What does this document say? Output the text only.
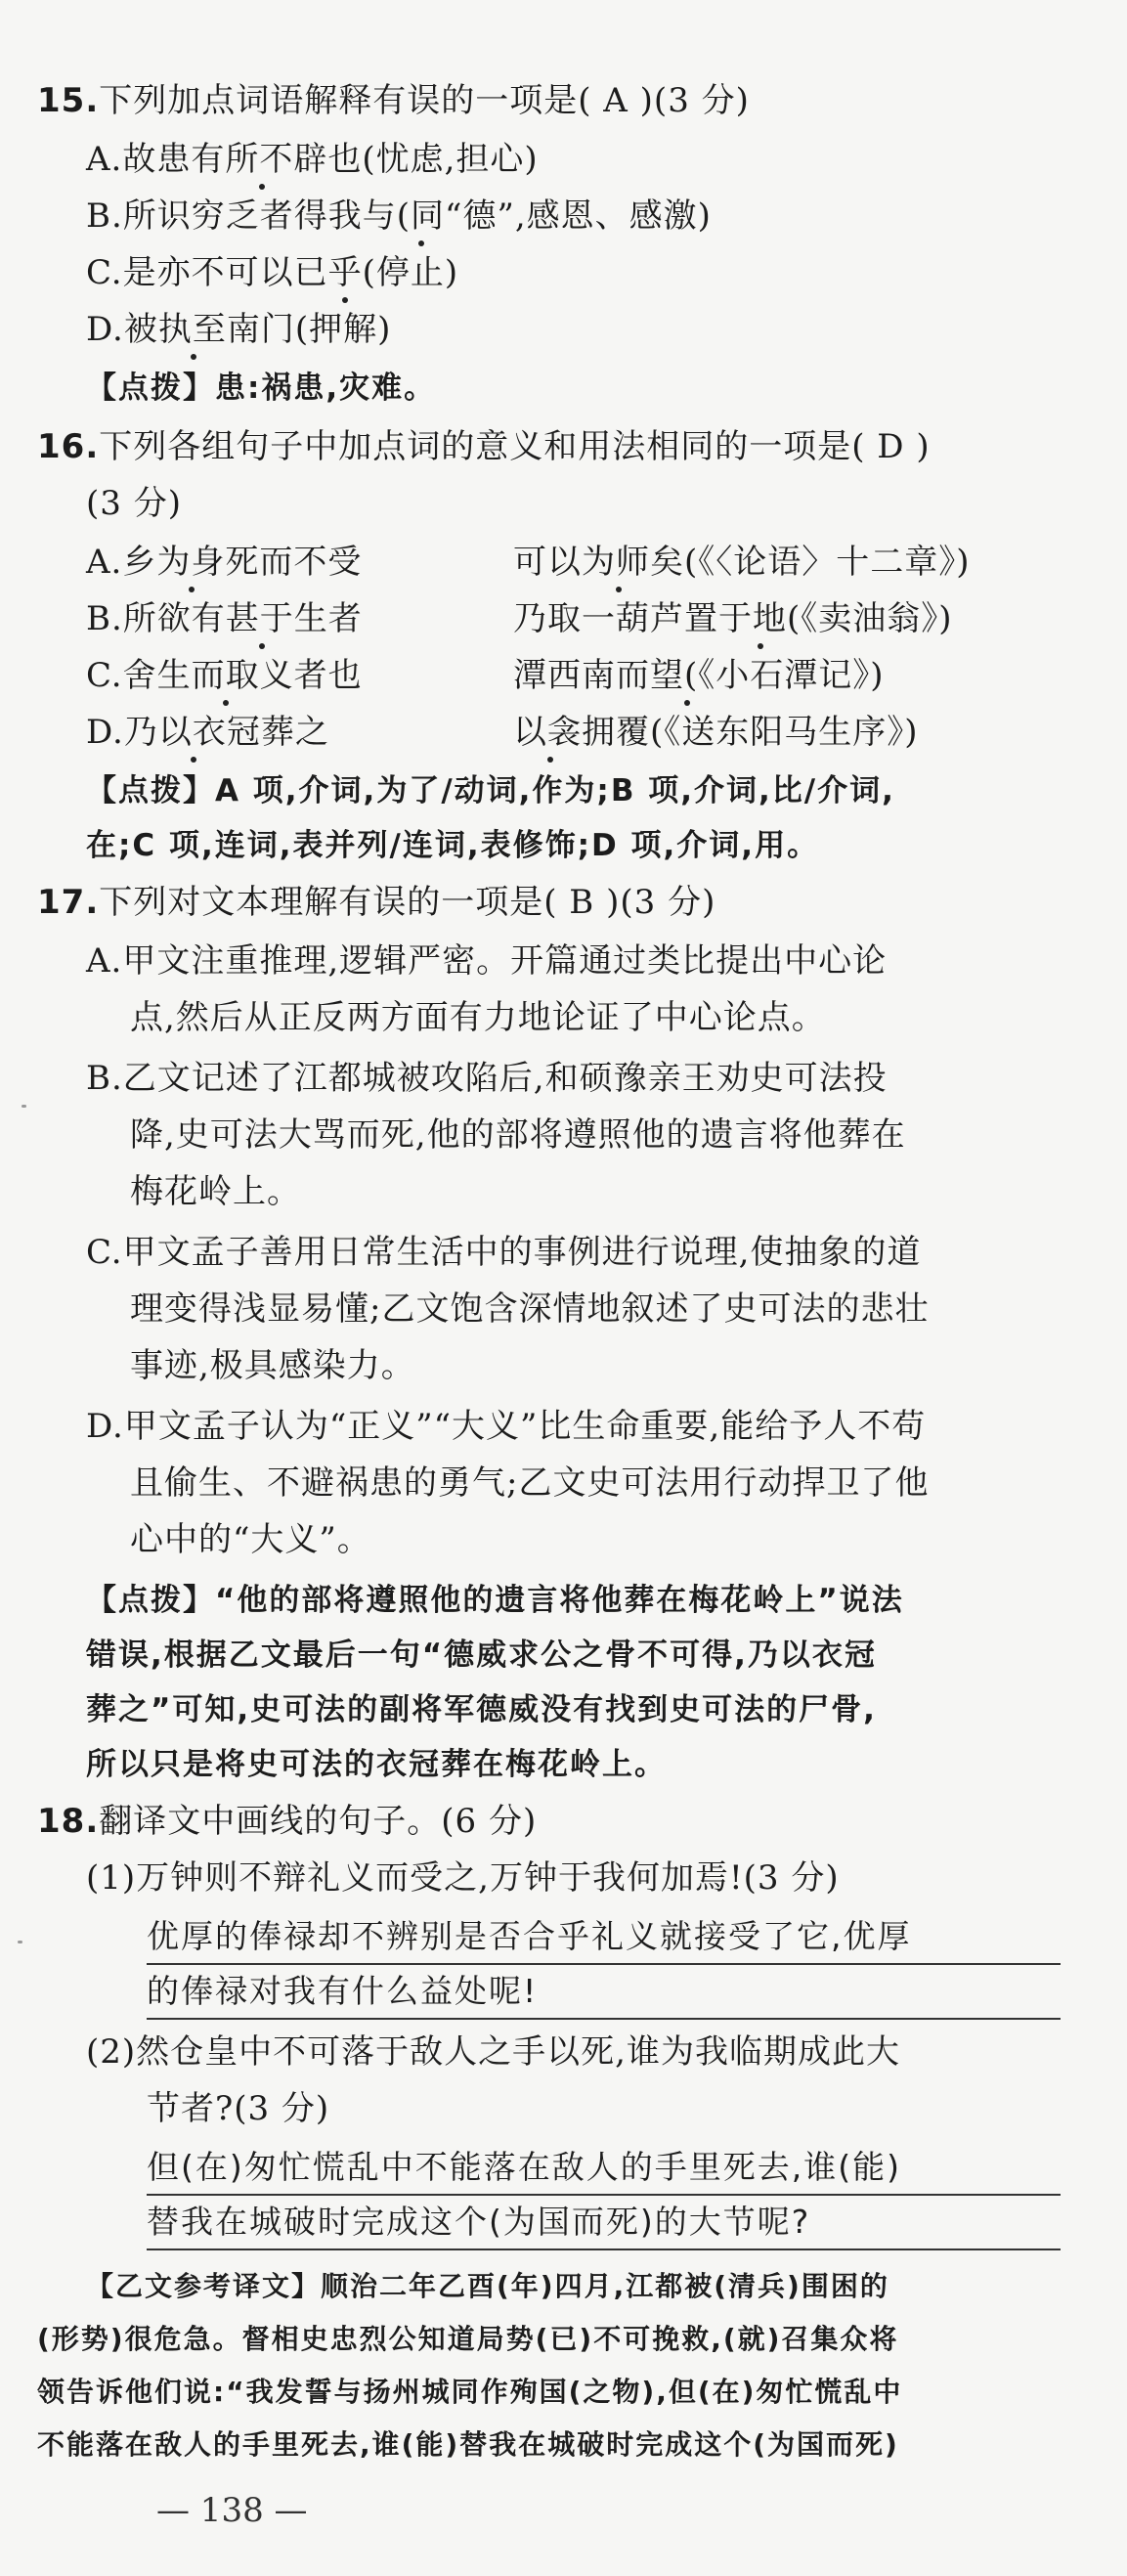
15.下列加点词语解释有误的一项是( A )(3 分)
A.故患有所不辟也(忧虑,担心)
B.所识穷乏者得我与(同“德”,感恩、感激)
C.是亦不可以已乎(停止)
D.被执至南门(押解)
【点拨】患:祸患,灾难。
16.下列各组句子中加点词的意义和用法相同的一项是( D )
(3 分)
A.乡为身死而不受	可以为师矣(《〈论语〉十二章》)
B.所欲有甚于生者	乃取一葫芦置于地(《卖油翁》)
C.舍生而取义者也	潭西南而望(《小石潭记》)
D.乃以衣冠葬之	以衾拥覆(《送东阳马生序》)
【点拨】A 项,介词,为了/动词,作为;B 项,介词,比/介词,
在;C 项,连词,表并列/连词,表修饰;D 项,介词,用。
17.下列对文本理解有误的一项是( B )(3 分)
A.甲文注重推理,逻辑严密。开篇通过类比提出中心论
点,然后从正反两方面有力地论证了中心论点。
B.乙文记述了江都城被攻陷后,和硕豫亲王劝史可法投
降,史可法大骂而死,他的部将遵照他的遗言将他葬在
梅花岭上。
C.甲文孟子善用日常生活中的事例进行说理,使抽象的道
理变得浅显易懂;乙文饱含深情地叙述了史可法的悲壮
事迹,极具感染力。
D.甲文孟子认为“正义”“大义”比生命重要,能给予人不苟
且偷生、不避祸患的勇气;乙文史可法用行动捍卫了他
心中的“大义”。
【点拨】“他的部将遵照他的遗言将他葬在梅花岭上”说法
错误,根据乙文最后一句“德威求公之骨不可得,乃以衣冠
葬之”可知,史可法的副将军德威没有找到史可法的尸骨,
所以只是将史可法的衣冠葬在梅花岭上。
18.翻译文中画线的句子。(6 分)
(1)万钟则不辩礼义而受之,万钟于我何加焉!(3 分)
优厚的俸禄却不辨别是否合乎礼义就接受了它,优厚
的俸禄对我有什么益处呢!
(2)然仓皇中不可落于敌人之手以死,谁为我临期成此大
节者?(3 分)
但(在)匆忙慌乱中不能落在敌人的手里死去,谁(能)
替我在城破时完成这个(为国而死)的大节呢?
【乙文参考译文】顺治二年乙酉(年)四月,江都被(清兵)围困的
(形势)很危急。督相史忠烈公知道局势(已)不可挽救,(就)召集众将
领告诉他们说:“我发誓与扬州城同作殉国(之物),但(在)匆忙慌乱中
不能落在敌人的手里死去,谁(能)替我在城破时完成这个(为国而死)
— 138 —
